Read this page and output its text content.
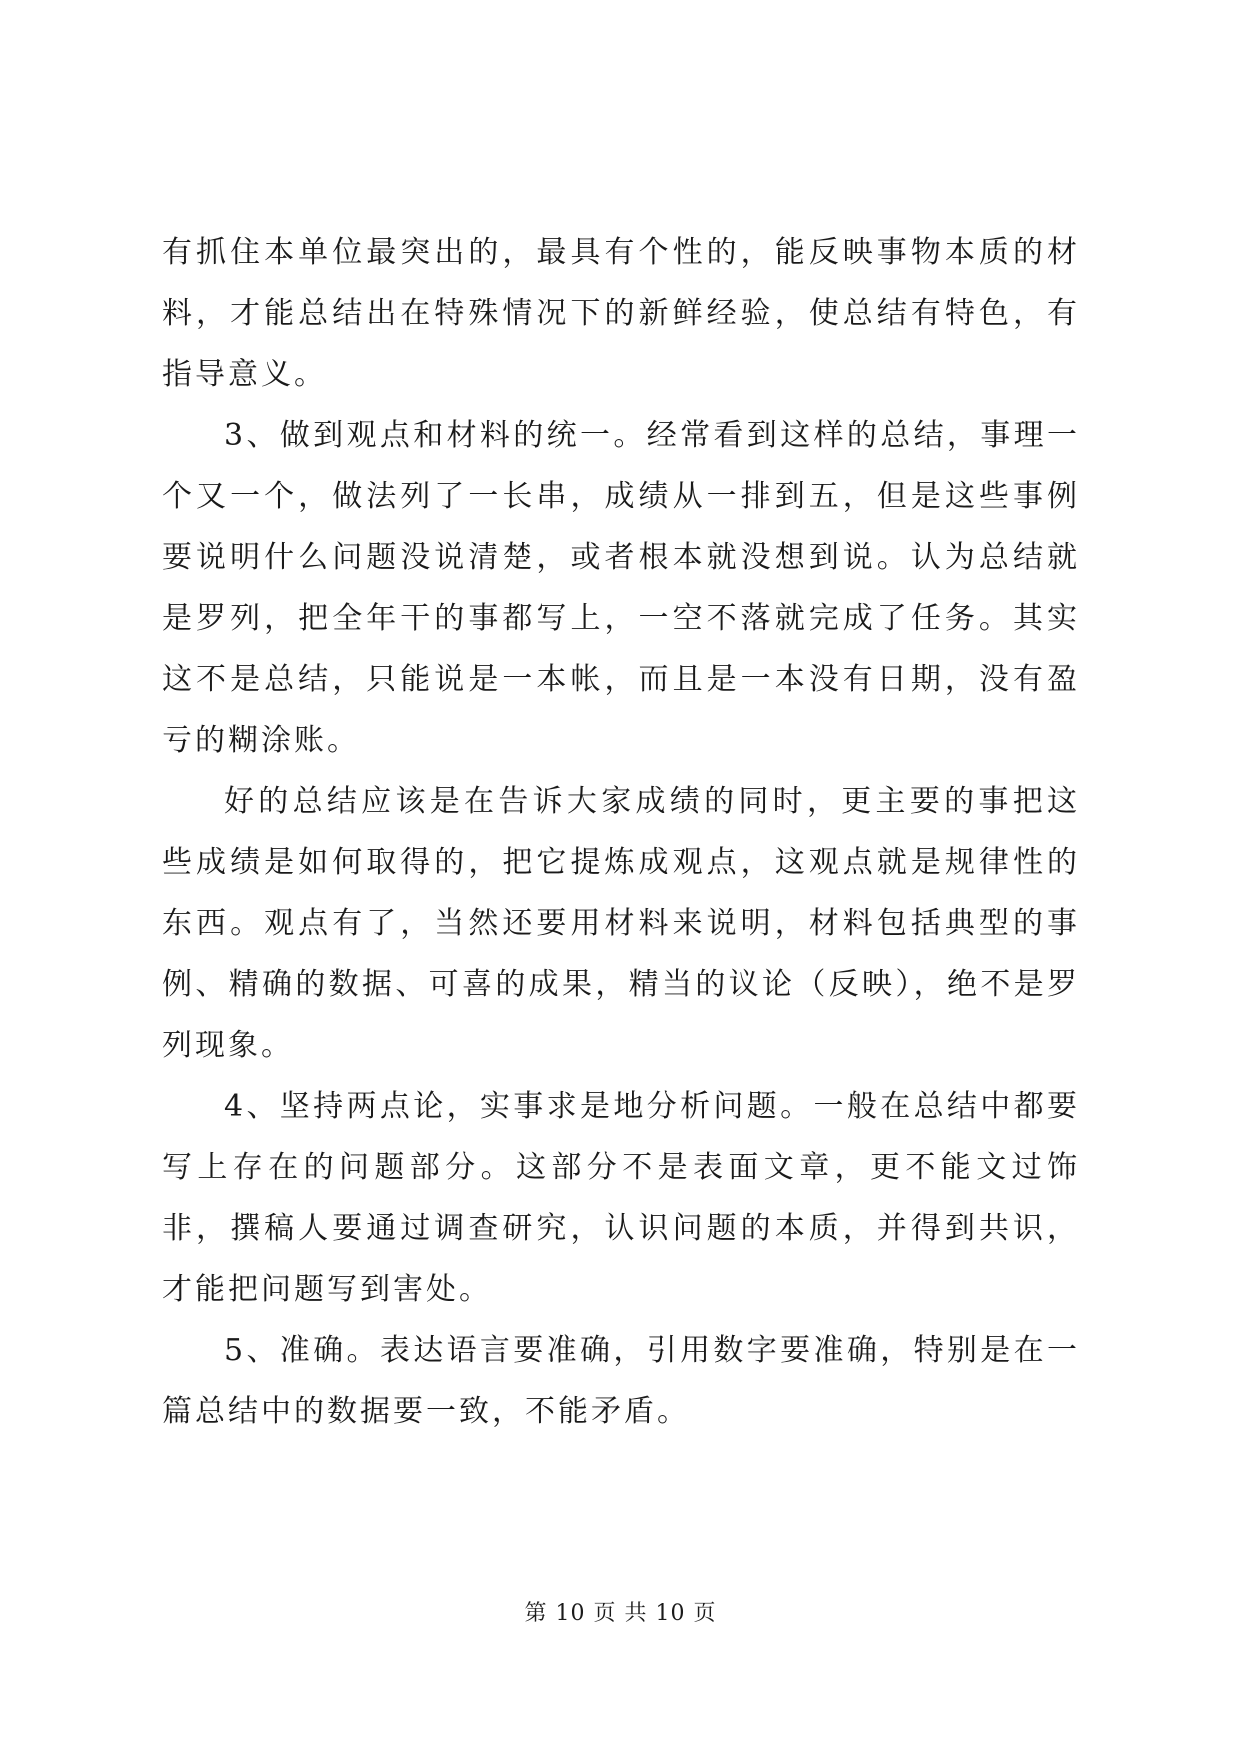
有抓住本单位最突出的，最具有个性的，能反映事物本质的材料，才能总结出在特殊情况下的新鲜经验，使总结有特色，有指导意义。

3、做到观点和材料的统一。经常看到这样的总结，事理一个又一个，做法列了一长串，成绩从一排到五，但是这些事例要说明什么问题没说清楚，或者根本就没想到说。认为总结就是罗列，把全年干的事都写上，一空不落就完成了任务。其实这不是总结，只能说是一本帐，而且是一本没有日期，没有盈亏的糊涂账。

好的总结应该是在告诉大家成绩的同时，更主要的事把这些成绩是如何取得的，把它提炼成观点，这观点就是规律性的东西。观点有了，当然还要用材料来说明，材料包括典型的事例、精确的数据、可喜的成果，精当的议论（反映），绝不是罗列现象。

4、坚持两点论，实事求是地分析问题。一般在总结中都要写上存在的问题部分。这部分不是表面文章，更不能文过饰非，撰稿人要通过调查研究，认识问题的本质，并得到共识，才能把问题写到害处。

5、准确。表达语言要准确，引用数字要准确，特别是在一篇总结中的数据要一致，不能矛盾。

第 10 页 共 10 页
